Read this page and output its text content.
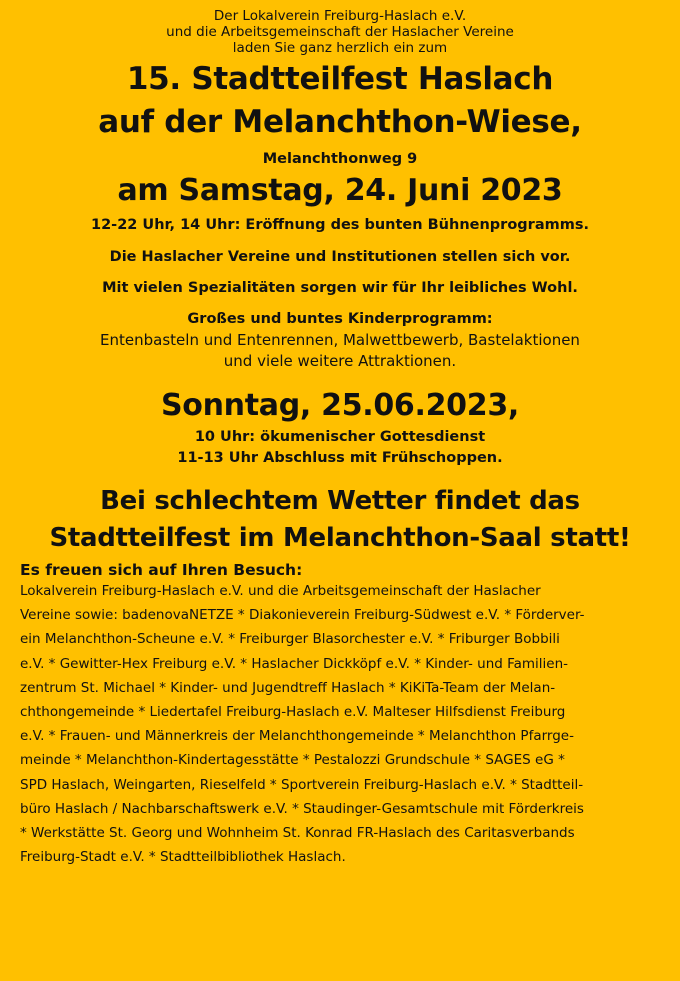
Der Lokalverein Freiburg-Haslach e.V.
und die Arbeitsgemeinschaft der Haslacher Vereine
laden Sie ganz herzlich ein zum
15. Stadtteilfest Haslach
auf der Melanchthon-Wiese,
Melanchthonweg 9
am Samstag, 24. Juni 2023
12-22 Uhr, 14 Uhr: Eröffnung des bunten Bühnenprogramms.
Die Haslacher Vereine und Institutionen stellen sich vor.
Mit vielen Spezialitäten sorgen wir für Ihr leibliches Wohl.
Großes und buntes Kinderprogramm:
Entenbasteln und Entenrennen, Malwettbewerb, Bastelaktionen
und viele weitere Attraktionen.
Sonntag, 25.06.2023,
10 Uhr: ökumenischer Gottesdienst
11-13 Uhr Abschluss mit Frühschoppen.
Bei schlechtem Wetter findet das
Stadtteilfest im Melanchthon-Saal statt!
Es freuen sich auf Ihren Besuch:
Lokalverein Freiburg-Haslach e.V. und die Arbeitsgemeinschaft der Haslacher
Vereine sowie: badenovaNETZE * Diakonieverein Freiburg-Südwest e.V. * Förderver-
ein Melanchthon-Scheune e.V. * Freiburger Blasorchester e.V. * Friburger Bobbili
e.V. * Gewitter-Hex Freiburg e.V. * Haslacher Dickköpf e.V. * Kinder- und Familien-
zentrum St. Michael * Kinder- und Jugendtreff Haslach * KiKiTa-Team der Melan-
chthongemeinde * Liedertafel Freiburg-Haslach e.V. Malteser Hilfsdienst Freiburg
e.V. * Frauen- und Männerkreis der Melanchthongemeinde * Melanchthon Pfarrge-
meinde * Melanchthon-Kindertagesstätte * Pestalozzi Grundschule * SAGES eG *
SPD Haslach, Weingarten, Rieselfeld * Sportverein Freiburg-Haslach e.V. * Stadtteil-
büro Haslach / Nachbarschaftswerk e.V. * Staudinger-Gesamtschule mit Förderkreis
* Werkstätte St. Georg und Wohnheim St. Konrad FR-Haslach des Caritasverbands
Freiburg-Stadt e.V. * Stadtteilbibliothek Haslach.
